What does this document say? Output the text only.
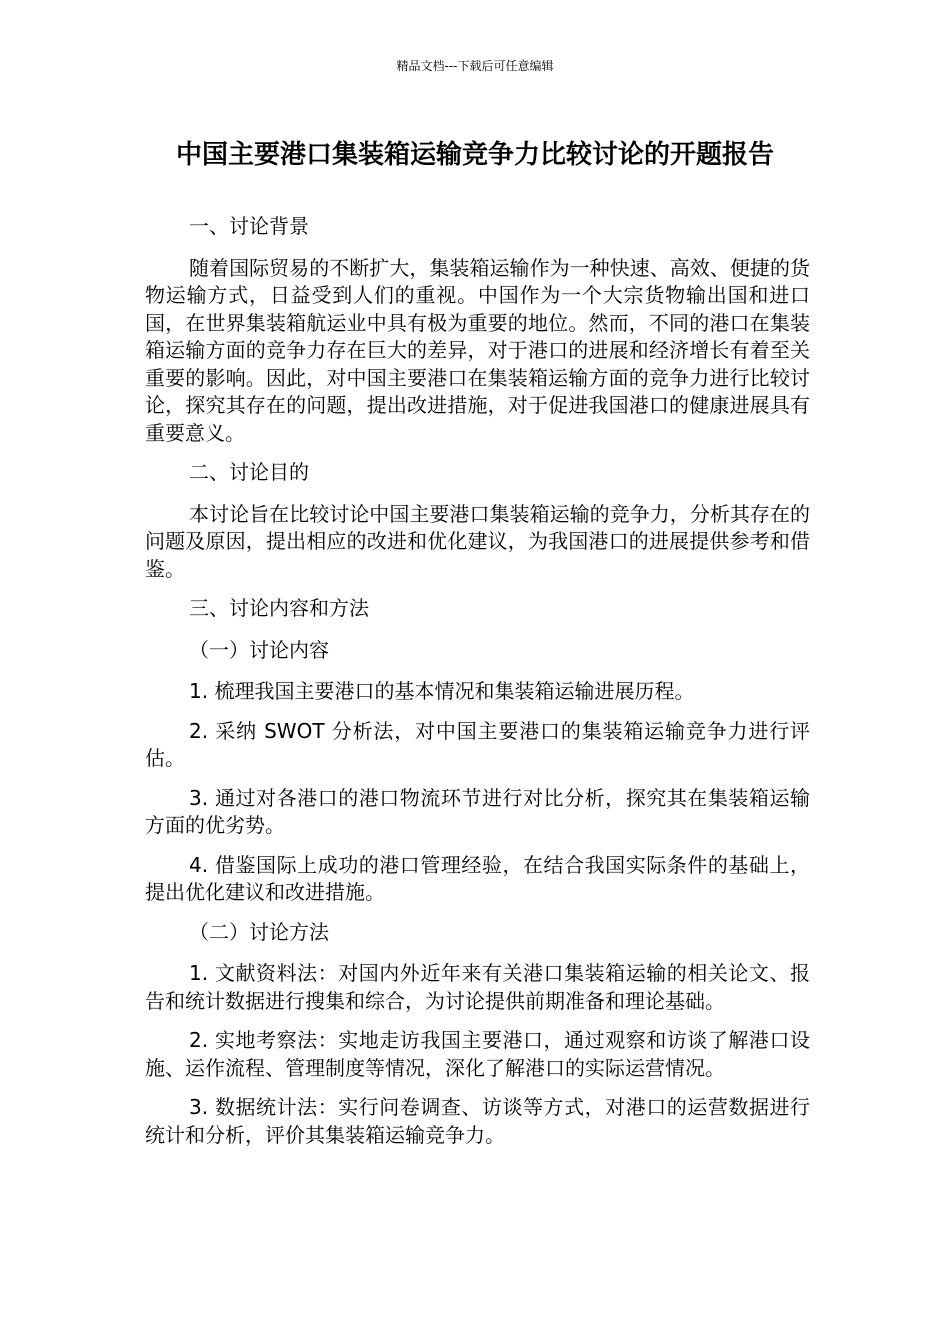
精品文档---下载后可任意编辑
中国主要港口集装箱运输竞争力比较讨论的开题报告

一、讨论背景

随着国际贸易的不断扩大，集装箱运输作为一种快速、高效、便捷的货物运输方式，日益受到人们的重视。中国作为一个大宗货物输出国和进口国，在世界集装箱航运业中具有极为重要的地位。然而，不同的港口在集装箱运输方面的竞争力存在巨大的差异，对于港口的进展和经济增长有着至关重要的影响。因此，对中国主要港口在集装箱运输方面的竞争力进行比较讨论，探究其存在的问题，提出改进措施，对于促进我国港口的健康进展具有重要意义。

二、讨论目的

本讨论旨在比较讨论中国主要港口集装箱运输的竞争力，分析其存在的问题及原因，提出相应的改进和优化建议，为我国港口的进展提供参考和借鉴。

三、讨论内容和方法

（一）讨论内容

1. 梳理我国主要港口的基本情况和集装箱运输进展历程。

2. 采纳 SWOT 分析法，对中国主要港口的集装箱运输竞争力进行评估。

3. 通过对各港口的港口物流环节进行对比分析，探究其在集装箱运输方面的优劣势。

4. 借鉴国际上成功的港口管理经验，在结合我国实际条件的基础上，提出优化建议和改进措施。

（二）讨论方法

1. 文献资料法：对国内外近年来有关港口集装箱运输的相关论文、报告和统计数据进行搜集和综合，为讨论提供前期准备和理论基础。

2. 实地考察法：实地走访我国主要港口，通过观察和访谈了解港口设施、运作流程、管理制度等情况，深化了解港口的实际运营情况。

3. 数据统计法：实行问卷调查、访谈等方式，对港口的运营数据进行统计和分析，评价其集装箱运输竞争力。
